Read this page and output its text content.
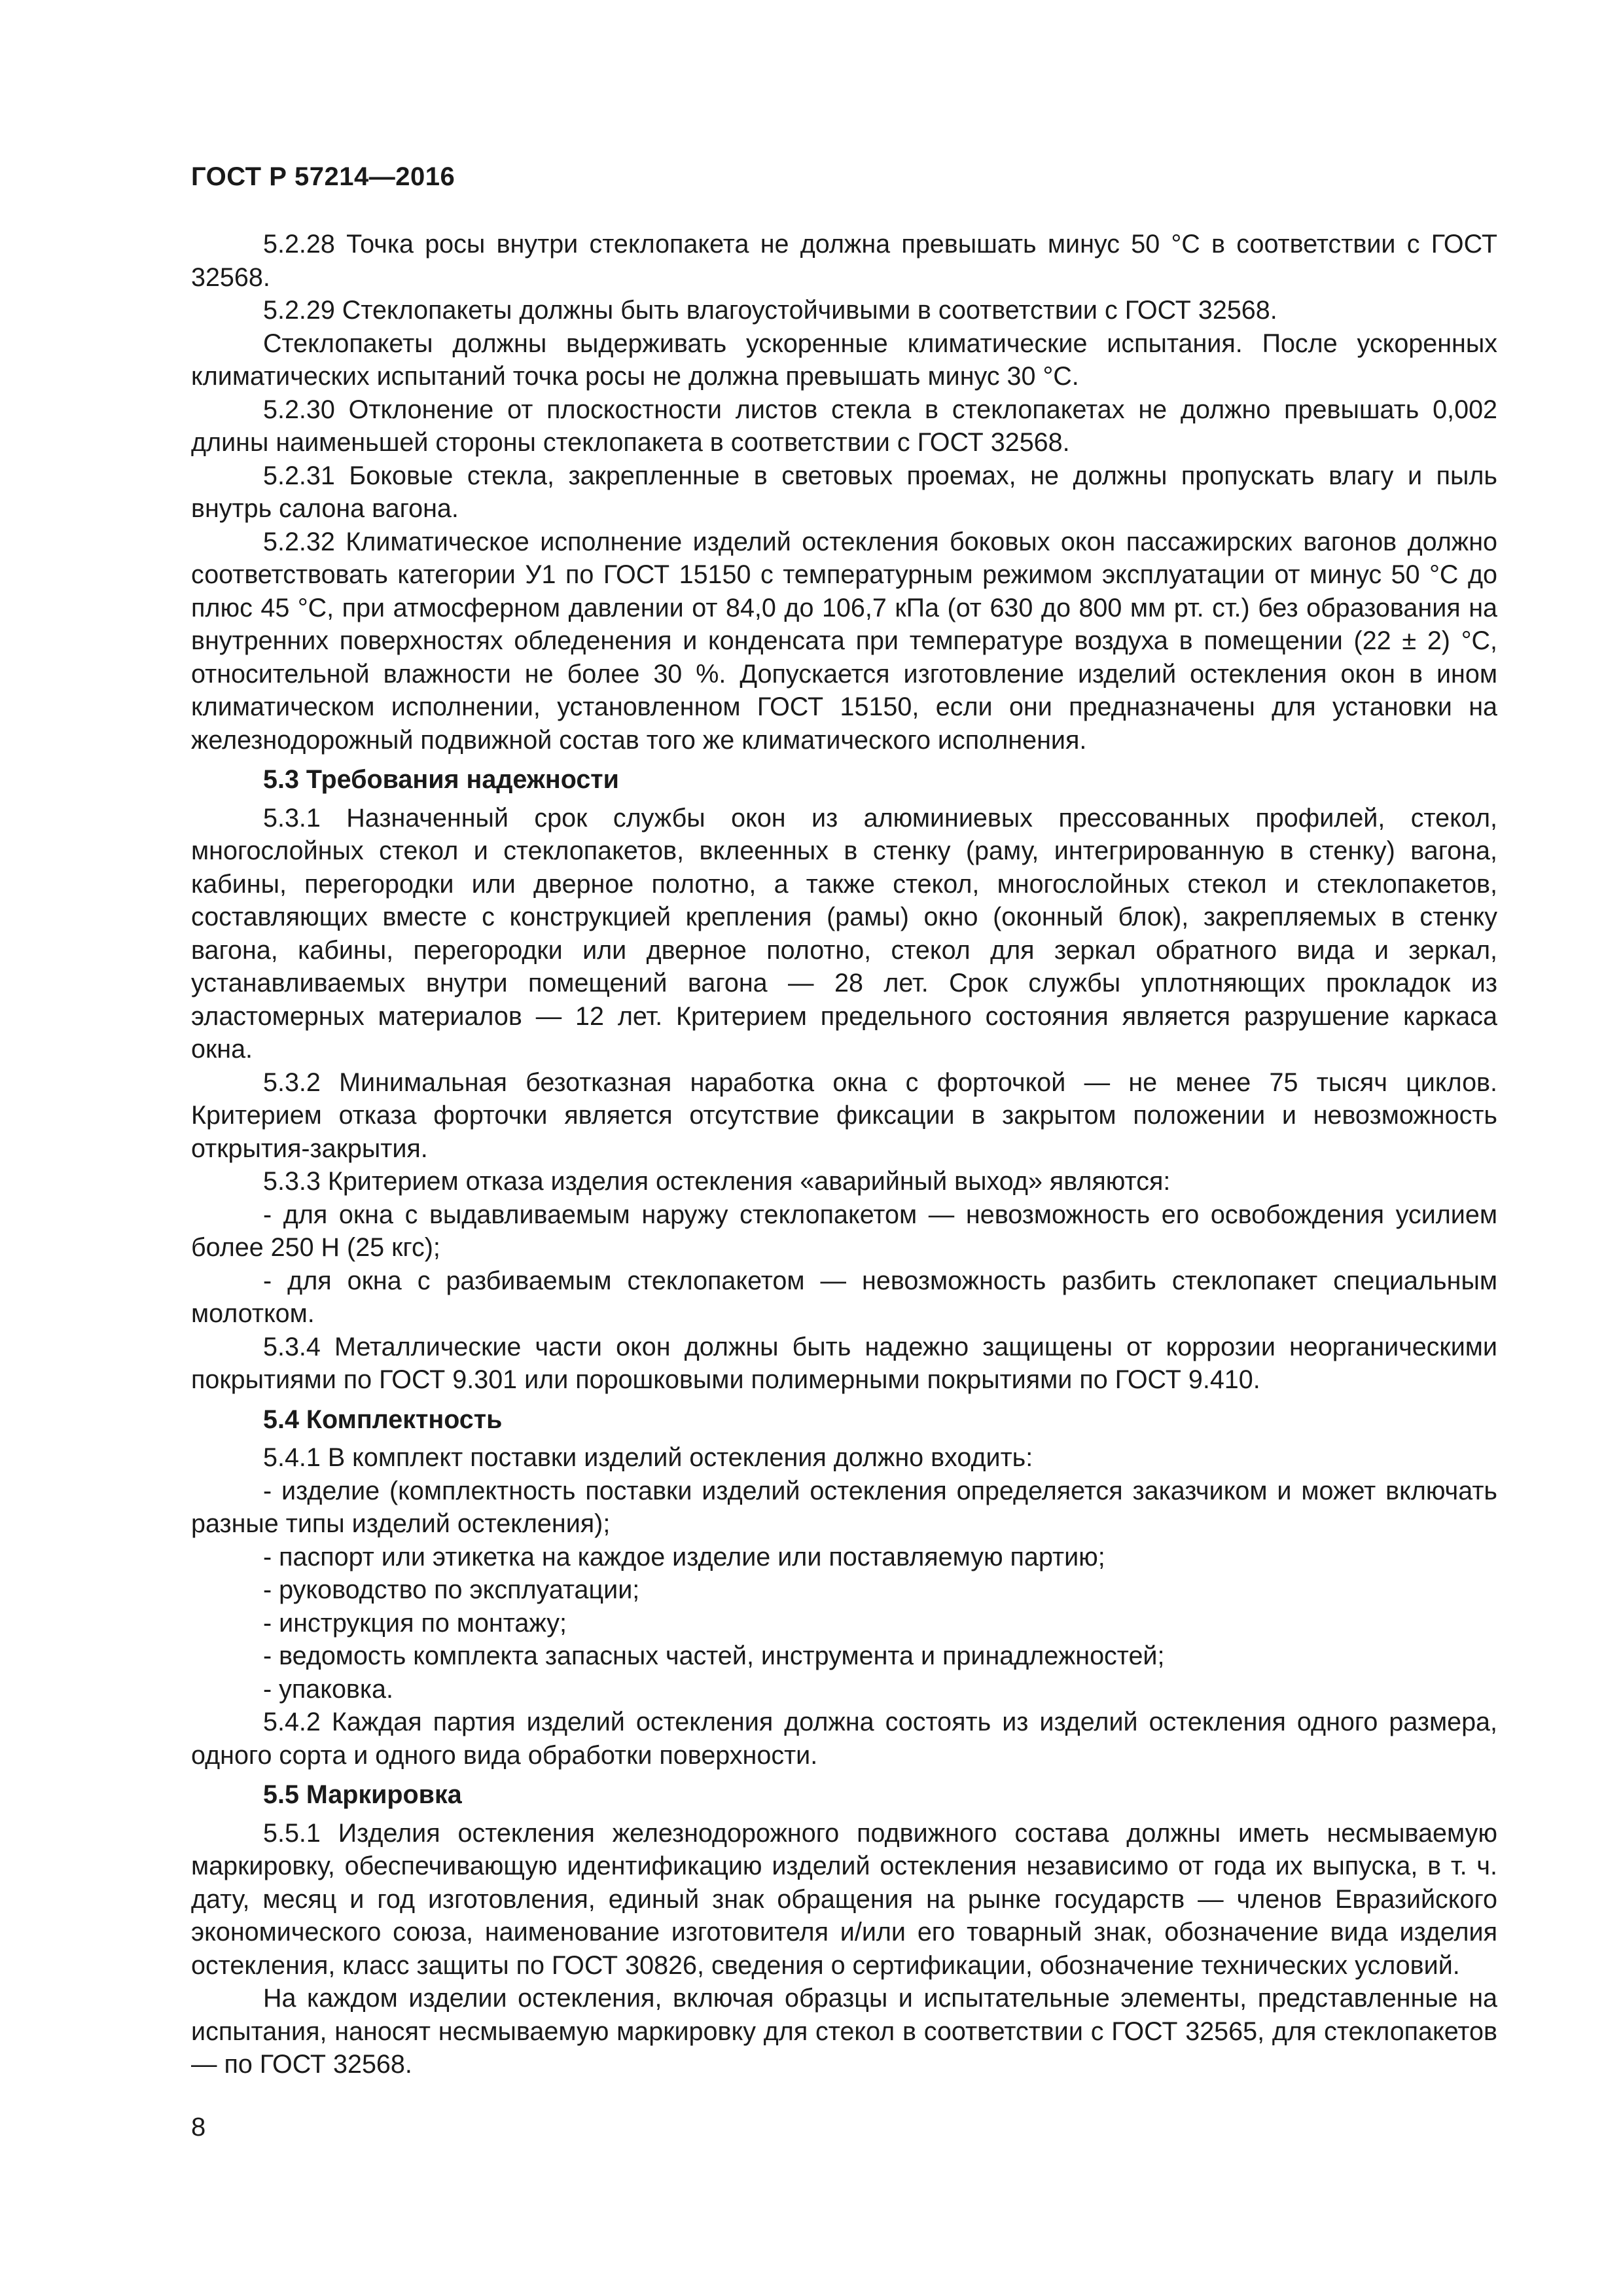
ГОСТ Р 57214—2016

5.2.28 Точка росы внутри стеклопакета не должна превышать минус 50 °С в соответствии с ГОСТ 32568.

5.2.29 Стеклопакеты должны быть влагоустойчивыми в соответствии с ГОСТ 32568.

Стеклопакеты должны выдерживать ускоренные климатические испытания. После ускоренных климатических испытаний точка росы не должна превышать минус 30 °С.

5.2.30 Отклонение от плоскостности листов стекла в стеклопакетах не должно превышать 0,002 длины наименьшей стороны стеклопакета в соответствии с ГОСТ 32568.

5.2.31 Боковые стекла, закрепленные в световых проемах, не должны пропускать влагу и пыль внутрь салона вагона.

5.2.32 Климатическое исполнение изделий остекления боковых окон пассажирских вагонов должно соответствовать категории У1 по ГОСТ 15150 с температурным режимом эксплуатации от минус 50 °С до плюс 45 °С, при атмосферном давлении от 84,0 до 106,7 кПа (от 630 до 800 мм рт. ст.) без образования на внутренних поверхностях обледенения и конденсата при температуре воздуха в помещении (22 ± 2) °С, относительной влажности не более 30 %. Допускается изготовление изделий остекления окон в ином климатическом исполнении, установленном ГОСТ 15150, если они предназначены для установки на железнодорожный подвижной состав того же климатического исполнения.

5.3 Требования надежности

5.3.1 Назначенный срок службы окон из алюминиевых прессованных профилей, стекол, многослойных стекол и стеклопакетов, вклеенных в стенку (раму, интегрированную в стенку) вагона, кабины, перегородки или дверное полотно, а также стекол, многослойных стекол и стеклопакетов, составляющих вместе с конструкцией крепления (рамы) окно (оконный блок), закрепляемых в стенку вагона, кабины, перегородки или дверное полотно, стекол для зеркал обратного вида и зеркал, устанавливаемых внутри помещений вагона — 28 лет. Срок службы уплотняющих прокладок из эластомерных материалов — 12 лет. Критерием предельного состояния является разрушение каркаса окна.

5.3.2 Минимальная безотказная наработка окна с форточкой — не менее 75 тысяч циклов. Критерием отказа форточки является отсутствие фиксации в закрытом положении и невозможность открытия-закрытия.

5.3.3 Критерием отказа изделия остекления «аварийный выход» являются:

- для окна с выдавливаемым наружу стеклопакетом — невозможность его освобождения усилием более 250 Н (25 кгс);

- для окна с разбиваемым стеклопакетом — невозможность разбить стеклопакет специальным молотком.

5.3.4 Металлические части окон должны быть надежно защищены от коррозии неорганическими покрытиями по ГОСТ 9.301 или порошковыми полимерными покрытиями по ГОСТ 9.410.

5.4 Комплектность

5.4.1 В комплект поставки изделий остекления должно входить:

- изделие (комплектность поставки изделий остекления определяется заказчиком и может включать разные типы изделий остекления);

- паспорт или этикетка на каждое изделие или поставляемую партию;

- руководство по эксплуатации;

- инструкция по монтажу;

- ведомость комплекта запасных частей, инструмента и принадлежностей;

- упаковка.

5.4.2 Каждая партия изделий остекления должна состоять из изделий остекления одного размера, одного сорта и одного вида обработки поверхности.

5.5 Маркировка

5.5.1 Изделия остекления железнодорожного подвижного состава должны иметь несмываемую маркировку, обеспечивающую идентификацию изделий остекления независимо от года их выпуска, в т. ч. дату, месяц и год изготовления, единый знак обращения на рынке государств — членов Евразийского экономического союза, наименование изготовителя и/или его товарный знак, обозначение вида изделия остекления, класс защиты по ГОСТ 30826, сведения о сертификации, обозначение технических условий.

На каждом изделии остекления, включая образцы и испытательные элементы, представленные на испытания, наносят несмываемую маркировку для стекол в соответствии с ГОСТ 32565, для стеклопакетов — по ГОСТ 32568.

8
